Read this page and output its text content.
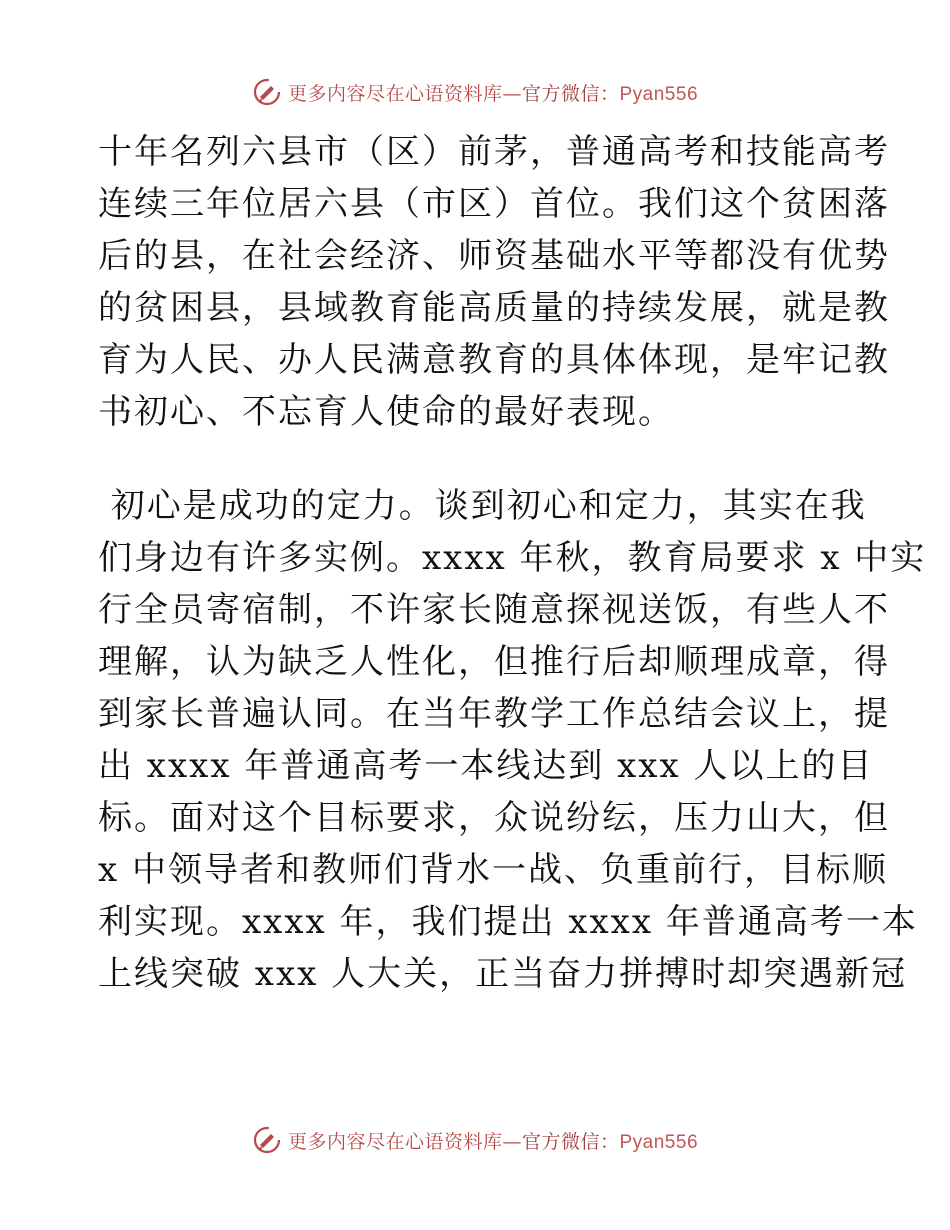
更多内容尽在心语资料库—官方微信：Pyan556
十年名列六县市（区）前茅，普通高考和技能高考
连续三年位居六县（市区）首位。我们这个贫困落
后的县，在社会经济、师资基础水平等都没有优势
的贫困县，县域教育能高质量的持续发展，就是教
育为人民、办人民满意教育的具体体现，是牢记教
书初心、不忘育人使命的最好表现。
初心是成功的定力。谈到初心和定力，其实在我
们身边有许多实例。xxxx 年秋，教育局要求 x 中实
行全员寄宿制，不许家长随意探视送饭，有些人不
理解，认为缺乏人性化，但推行后却顺理成章，得
到家长普遍认同。在当年教学工作总结会议上，提
出 xxxx 年普通高考一本线达到 xxx 人以上的目
标。面对这个目标要求，众说纷纭，压力山大，但
x 中领导者和教师们背水一战、负重前行，目标顺
利实现。xxxx 年，我们提出 xxxx 年普通高考一本
上线突破 xxx 人大关，正当奋力拼搏时却突遇新冠
更多内容尽在心语资料库—官方微信：Pyan556
